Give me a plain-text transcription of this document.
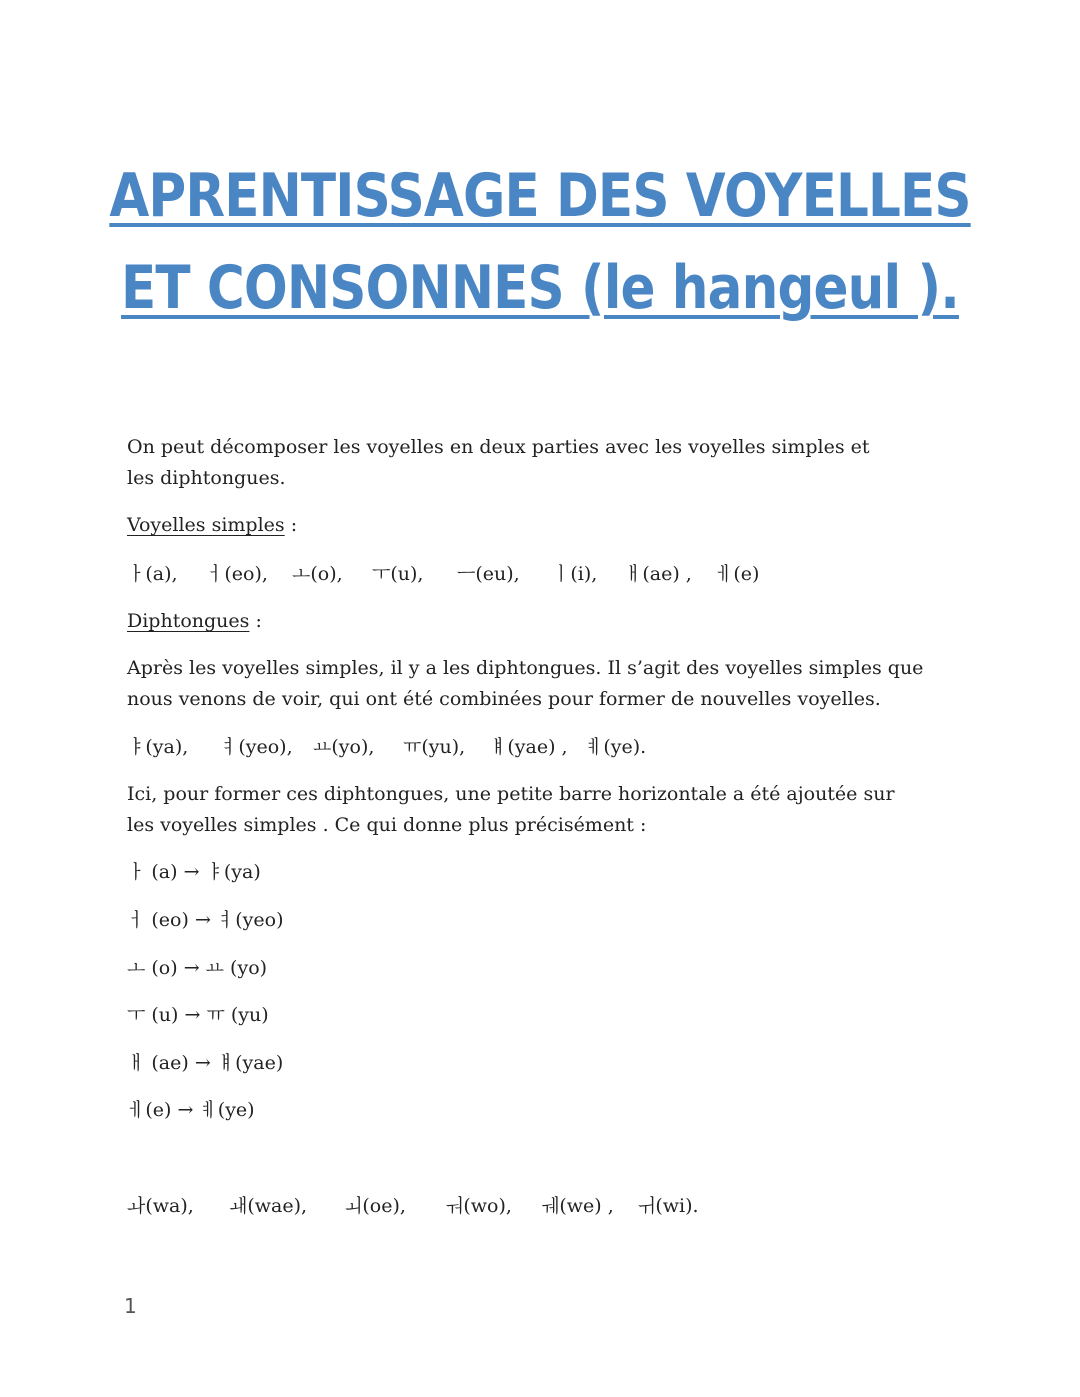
APRENTISSAGE DES VOYELLES
ET CONSONNES (le hangeul ).
On peut décomposer les voyelles en deux parties avec les voyelles simples et les diphtongues.
Voyelles simples :
ㅏ(a), ㅓ(eo), ㅗ(o), ㅜ(u), ㅡ(eu), ㅣ(i), ㅐ(ae) , ㅔ(e)
Diphtongues :
Après les voyelles simples, il y a les diphtongues. Il s’agit des voyelles simples que nous venons de voir, qui ont été combinées pour former de nouvelles voyelles.
ㅑ(ya), ㅕ(yeo), ㅛ(yo), ㅠ(yu), ㅒ(yae) , ㅖ(ye).
Ici, pour former ces diphtongues, une petite barre horizontale a été ajoutée sur les voyelles simples . Ce qui donne plus précisément :
ㅏ (a) → ㅑ(ya)
ㅓ (eo) → ㅕ(yeo)
ㅗ (o) → ㅛ (yo)
ㅜ (u) → ㅠ (yu)
ㅐ (ae) → ㅒ(yae)
ㅔ(e) → ㅖ(ye)
ㅘ(wa), ㅙ(wae), ㅚ(oe), ㅝ(wo), ㅞ(we) , ㅟ(wi).
1
